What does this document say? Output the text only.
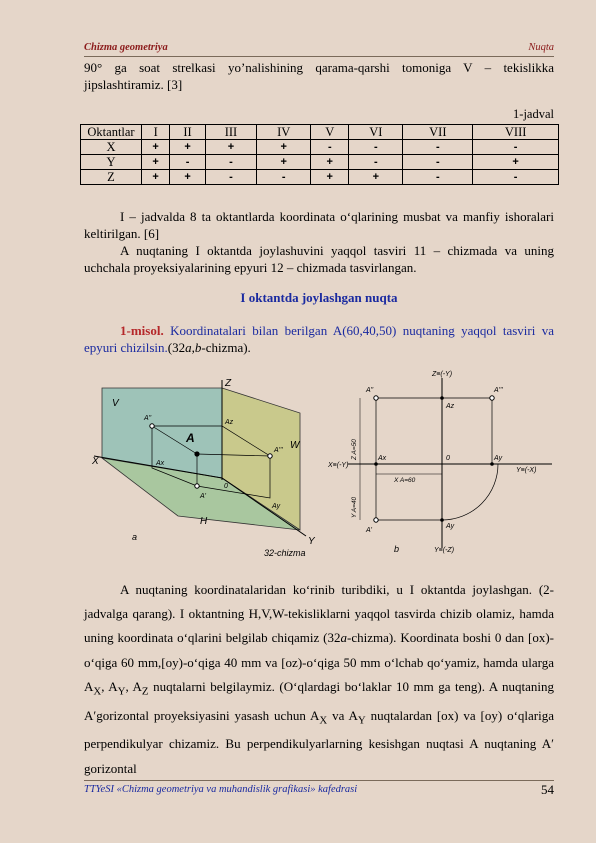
Chizma geometriya	Nuqta
90° ga soat strelkasi yo’nalishining qarama-qarshi tomoniga V – tekislikka jipslashtiramiz. [3]
1-jadval
Oktantlar	I	II	III	IV	V	VI	VII	VIII
X	+	+	+	+	-	-	-	-
Y	+	-	-	+	+	-	-	+
Z	+	+	-	-	+	+	-	-
I – jadvalda 8 ta oktantlarda koordinata o‘qlarining musbat va manfiy ishoralari keltirilgan. [6]
A nuqtaning I oktantda joylashuvini yaqqol tasviri 11 – chizmada va uning uchchala proyeksiyalarining epyuri 12 – chizmada tasvirlangan.
I oktantda joylashgan nuqta
1-misol. Koordinatalari bilan berilgan A(60,40,50) nuqtaning yaqqol tasviri va epyuri chizilsin.(32a,b-chizma).
Z
V
W
H
X
Y
A
A"
A'''
A'
Ax
Az
Ay
0
a
32-chizma
Z≡(-Y)
A"	A'''
Az
Ax	Ay
Ay
0
X≡(-Y)
Y≡(-X)
Y≡(-Z)
A'
X A=60
Z A=50
Y A=40
b
A nuqtaning koordinatalaridan ko‘rinib turibdiki, u I oktantda joylashgan. (2-jadvalga qarang). I oktantning H,V,W-tekisliklarni yaqqol tasvirda chizib olamiz, hamda uning koordinata o‘qlarini belgilab chiqamiz (32a-chizma). Koordinata boshi 0 dan [ox)-o‘qiga 60 mm,[oy)-o‘qiga 40 mm va [oz)-o‘qiga 50 mm o‘lchab qo‘yamiz, hamda ularga $A_X$, $A_Y$, $A_Z$ nuqtalarni belgilaymiz. (O‘qlardagi bo‘laklar 10 mm ga teng). A nuqtaning A′gorizontal proyeksiyasini yasash uchun $A_X$ va $A_Y$ nuqtalardan [ox) va [oy) o‘qlariga perpendikulyar chizamiz. Bu perpendikulyarlarning kesishgan nuqtasi A nuqtaning A′ gorizontal
TTYeSI «Chizma geometriya va muhandislik grafikasi» kafedrasi	54
